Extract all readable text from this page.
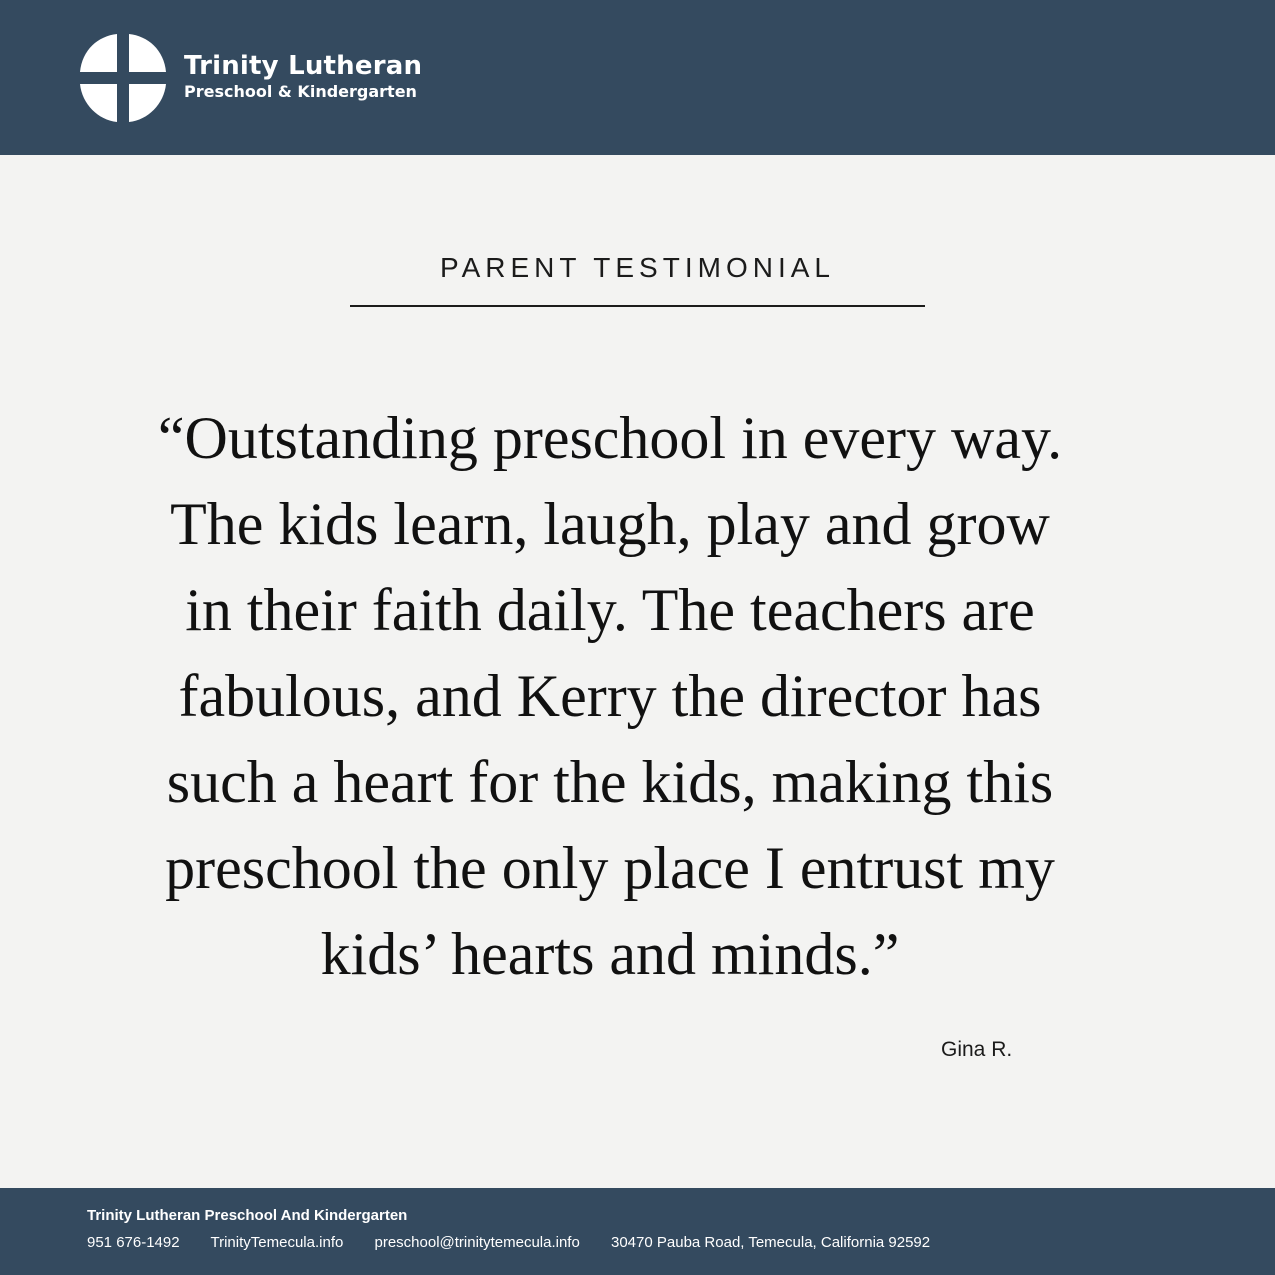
Trinity Lutheran

Preschool & Kindergarten

PARENT TESTIMONIAL

“Outstanding preschool in every way.
The kids learn, laugh, play and grow
in their faith daily. The teachers are
fabulous, and Kerry the director has
such a heart for the kids, making this
preschool the only place I entrust my
kids’ hearts and minds.”

Gina R.

Trinity Lutheran Preschool And Kindergarten

951 676-1492 TrinityTemecula.info preschool@trinitytemecula.info 30470 Pauba Road, Temecula, California 92592
